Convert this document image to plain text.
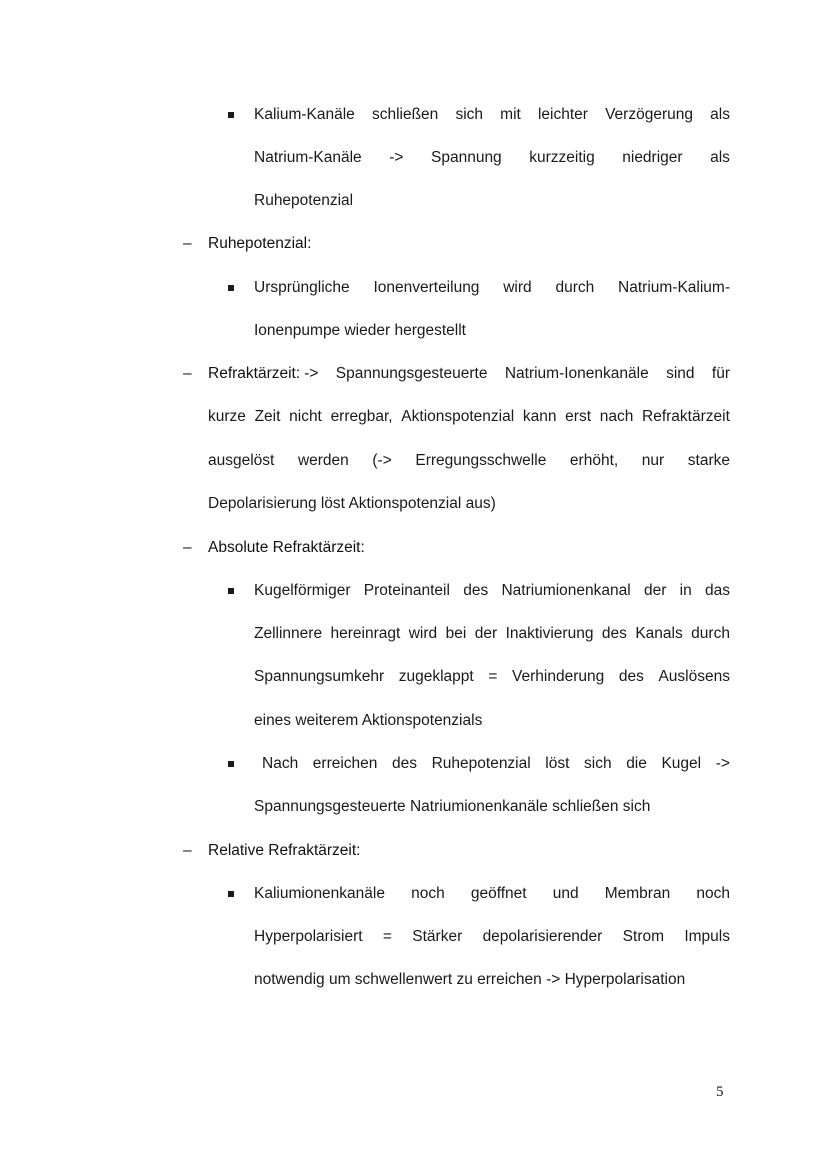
Kalium-Kanäle schließen sich mit leichter Verzögerung als
Natrium-Kanäle -> Spannung kurzzeitig niedriger als
Ruhepotenzial
– Ruhepotenzial:
Ursprüngliche Ionenverteilung wird durch Natrium-Kalium-
Ionenpumpe wieder hergestellt
– Refraktärzeit: -> Spannungsgesteuerte Natrium-Ionenkanäle sind für
kurze Zeit nicht erregbar, Aktionspotenzial kann erst nach Refraktärzeit
ausgelöst werden (-> Erregungsschwelle erhöht, nur starke
Depolarisierung löst Aktionspotenzial aus)
– Absolute Refraktärzeit:
Kugelförmiger Proteinanteil des Natriumionenkanal der in das
Zellinnere hereinragt wird bei der Inaktivierung des Kanals durch
Spannungsumkehr zugeklappt = Verhinderung des Auslösens
eines weiterem Aktionspotenzials
Nach erreichen des Ruhepotenzial löst sich die Kugel ->
Spannungsgesteuerte Natriumionenkanäle schließen sich
– Relative Refraktärzeit:
Kaliumionenkanäle noch geöffnet und Membran noch
Hyperpolarisiert = Stärker depolarisierender Strom Impuls
notwendig um schwellenwert zu erreichen -> Hyperpolarisation
5
